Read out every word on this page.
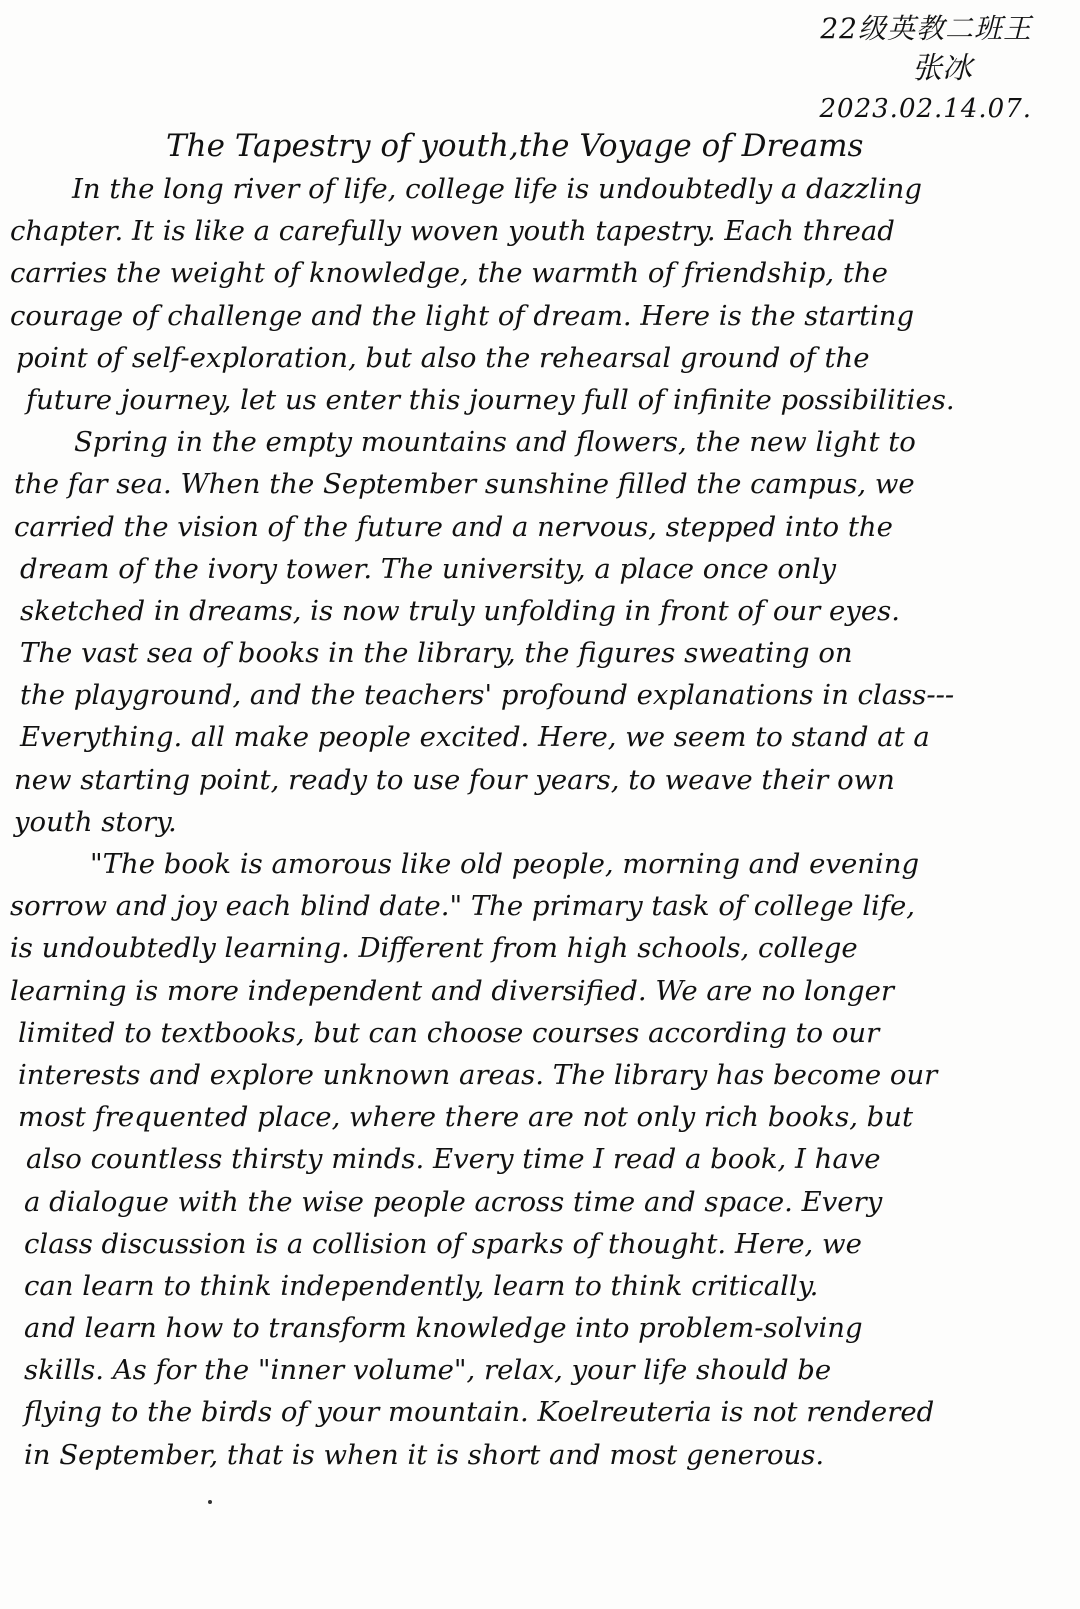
22级英教二班王
张冰
2023.02.14.07.
The Tapestry of youth,the Voyage of Dreams
In the long river of life, college life is undoubtedly a dazzling
chapter. It is like a carefully woven youth tapestry. Each thread
carries the weight of knowledge, the warmth of friendship, the
courage of challenge and the light of dream. Here is the starting
point of self-exploration, but also the rehearsal ground of the
future journey, let us enter this journey full of infinite possibilities.
Spring in the empty mountains and flowers, the new light to
the far sea. When the September sunshine filled the campus, we
carried the vision of the future and a nervous, stepped into the
dream of the ivory tower. The university, a place once only
sketched in dreams, is now truly unfolding in front of our eyes.
The vast sea of books in the library, the figures sweating on
the playground, and the teachers' profound explanations in class---
Everything. all make people excited. Here, we seem to stand at a
new starting point, ready to use four years, to weave their own
youth story.
"The book is amorous like old people, morning and evening
sorrow and joy each blind date." The primary task of college life,
is undoubtedly learning. Different from high schools, college
learning is more independent and diversified. We are no longer
limited to textbooks, but can choose courses according to our
interests and explore unknown areas. The library has become our
most frequented place, where there are not only rich books, but
also countless thirsty minds. Every time I read a book, I have
a dialogue with the wise people across time and space. Every
class discussion is a collision of sparks of thought. Here, we
can learn to think independently, learn to think critically.
and learn how to transform knowledge into problem-solving
skills. As for the "inner volume", relax, your life should be
flying to the birds of your mountain. Koelreuteria is not rendered
in September, that is when it is short and most generous.
